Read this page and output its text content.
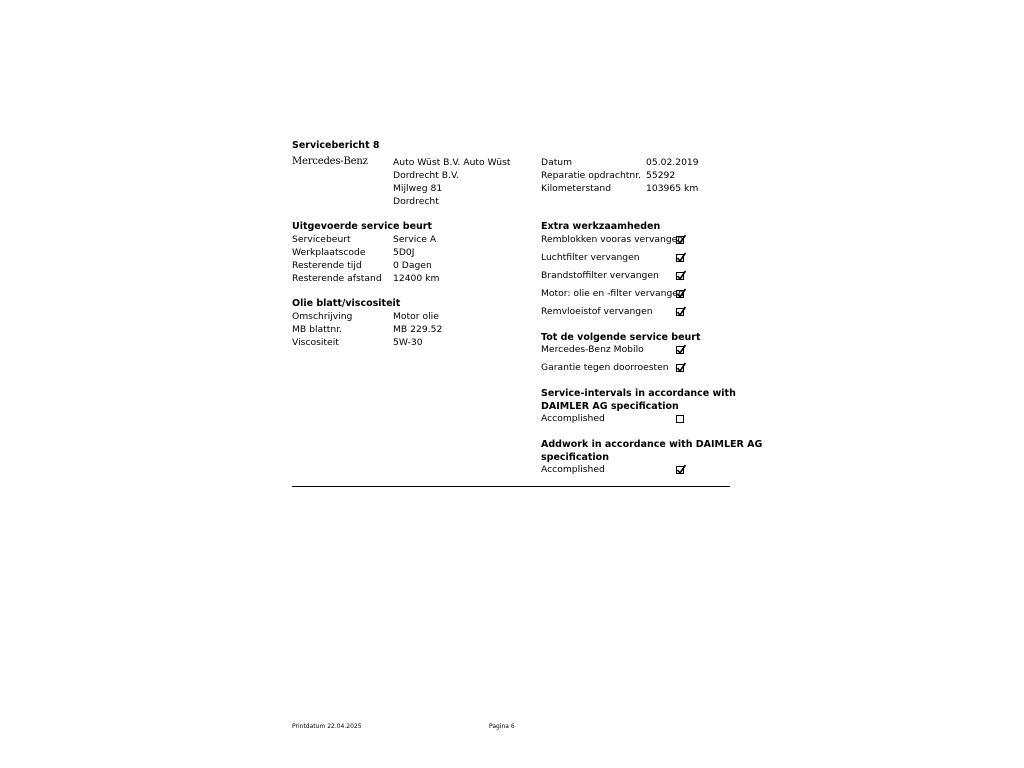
Servicebericht 8
Mercedes-Benz	Auto Wüst B.V. Auto Wüst
Dordrecht B.V.
Mijlweg 81
Dordrecht
Datum	05.02.2019
Reparatie opdrachtnr. 55292
Kilometerstand	103965 km
Uitgevoerde service beurt
Servicebeurt	Service A
Werkplaatscode	5D0J
Resterende tijd	0 Dagen
Resterende afstand 12400 km
Olie blatt/viscositeit
Omschrijving	Motor olie
MB blattnr.	MB 229.52
Viscositeit	5W-30
Extra werkzaamheden
Remblokken vooras vervangen
Luchtfilter vervangen
Brandstoffilter vervangen
Motor: olie en -filter vervangen
Remvloeistof vervangen
Tot de volgende service beurt
Mercedes-Benz Mobilo
Garantie tegen doorroesten
Service-intervals in accordance with
DAIMLER AG specification
Accomplished
Addwork in accordance with DAIMLER AG
specification
Accomplished
Printdatum 22.04.2025	Pagina 6
